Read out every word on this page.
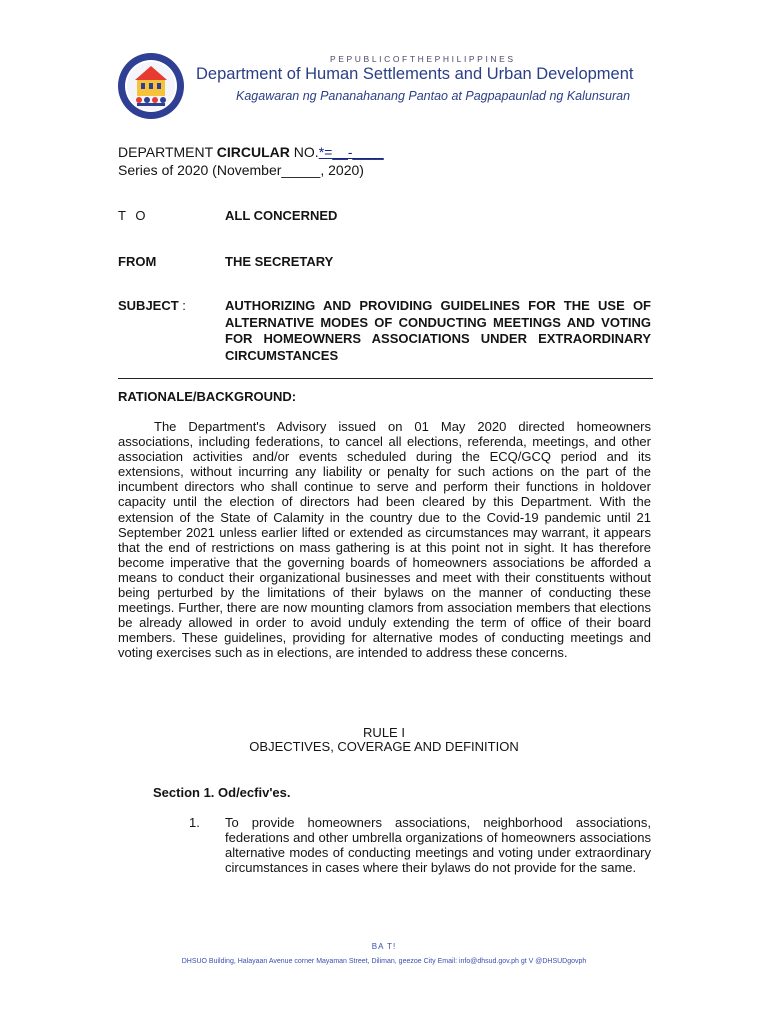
PEPUBLICOFTHEPHILIPPINES
Department of Human Settlements and Urban Development
Kagawaran ng Pananahanang Pantao at Pagpapaunlad ng Kalunsuran
DEPARTMENT CIRCULAR NO.*=__-____
Series of 2020 (November_____, 2020)
T O	ALL CONCERNED
FROM	THE SECRETARY
SUBJECT :	AUTHORIZING AND PROVIDING GUIDELINES FOR THE USE OF ALTERNATIVE MODES OF CONDUCTING MEETINGS AND VOTING FOR HOMEOWNERS ASSOCIATIONS UNDER EXTRAORDINARY CIRCUMSTANCES
RATIONALE/BACKGROUND:
The Department's Advisory issued on 01 May 2020 directed homeowners associations, including federations, to cancel all elections, referenda, meetings, and other association activities and/or events scheduled during the ECQ/GCQ period and its extensions, without incurring any liability or penalty for such actions on the part of the incumbent directors who shall continue to serve and perform their functions in holdover capacity until the election of directors had been cleared by this Department. With the extension of the State of Calamity in the country due to the Covid-19 pandemic until 21 September 2021 unless earlier lifted or extended as circumstances may warrant, it appears that the end of restrictions on mass gathering is at this point not in sight. It has therefore become imperative that the governing boards of homeowners associations be afforded a means to conduct their organizational businesses and meet with their constituents without being perturbed by the limitations of their bylaws on the manner of conducting these meetings. Further, there are now mounting clamors from association members that elections be already allowed in order to avoid unduly extending the term of office of their board members. These guidelines, providing for alternative modes of conducting meetings and voting exercises such as in elections, are intended to address these concerns.
RULE I
OBJECTIVES, COVERAGE AND DEFINITION
Section 1. Od/ecfiv'es.
1. To provide homeowners associations, neighborhood associations, federations and other umbrella organizations of homeowners associations alternative modes of conducting meetings and voting under extraordinary circumstances in cases where their bylaws do not provide for the same.
BA T!
DHSUO Building, Halayaan Avenue corner Mayaman Street, Diliman, geezoe City Email: info@dhsud.gov.ph gt V @DHSUDgovph
